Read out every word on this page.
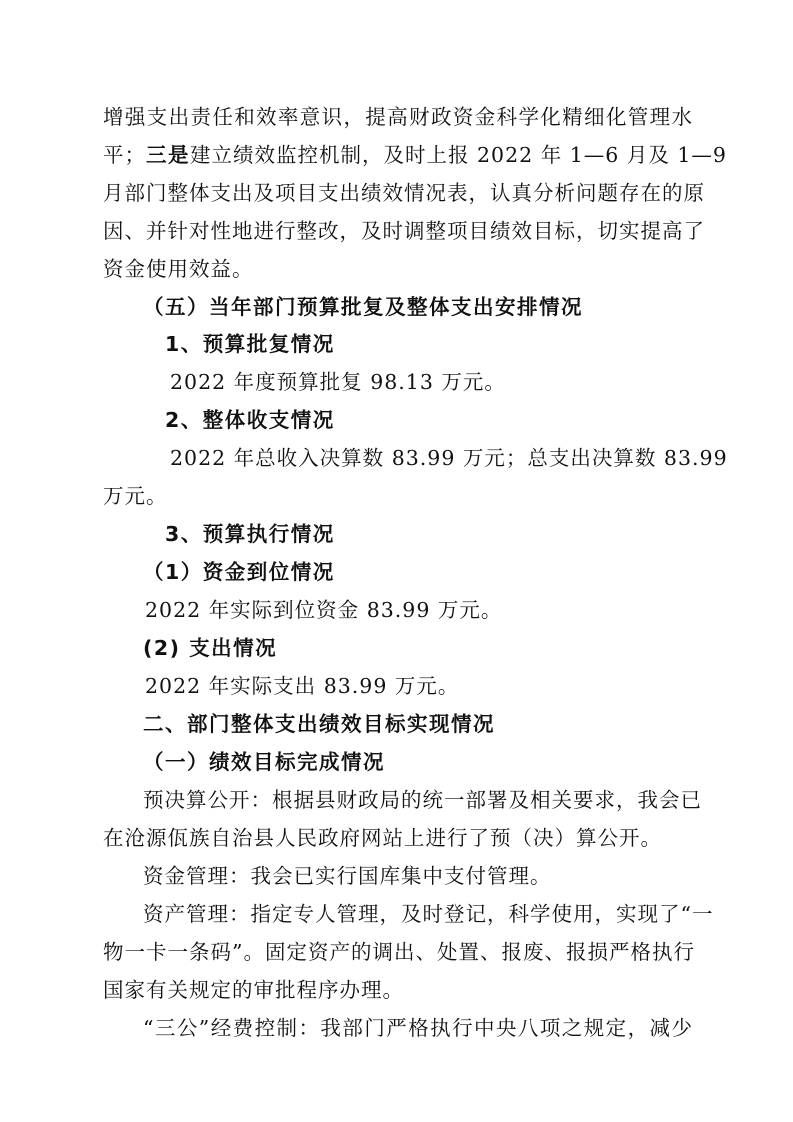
增强支出责任和效率意识，提高财政资金科学化精细化管理水
平；三是建立绩效监控机制，及时上报 2022 年 1—6 月及 1—9
月部门整体支出及项目支出绩效情况表，认真分析问题存在的原
因、并针对性地进行整改，及时调整项目绩效目标，切实提高了
资金使用效益。
（五）当年部门预算批复及整体支出安排情况
1、预算批复情况
2022 年度预算批复 98.13 万元。
2、整体收支情况
2022 年总收入决算数 83.99 万元；总支出决算数 83.99
万元。
3、预算执行情况
（1）资金到位情况
2022 年实际到位资金 83.99 万元。
(2) 支出情况
2022 年实际支出 83.99 万元。
二、部门整体支出绩效目标实现情况
（一）绩效目标完成情况
预决算公开：根据县财政局的统一部署及相关要求，我会已
在沧源佤族自治县人民政府网站上进行了预（决）算公开。
资金管理：我会已实行国库集中支付管理。
资产管理：指定专人管理，及时登记，科学使用，实现了“一
物一卡一条码”。固定资产的调出、处置、报废、报损严格执行
国家有关规定的审批程序办理。
“三公”经费控制：我部门严格执行中央八项之规定，减少
